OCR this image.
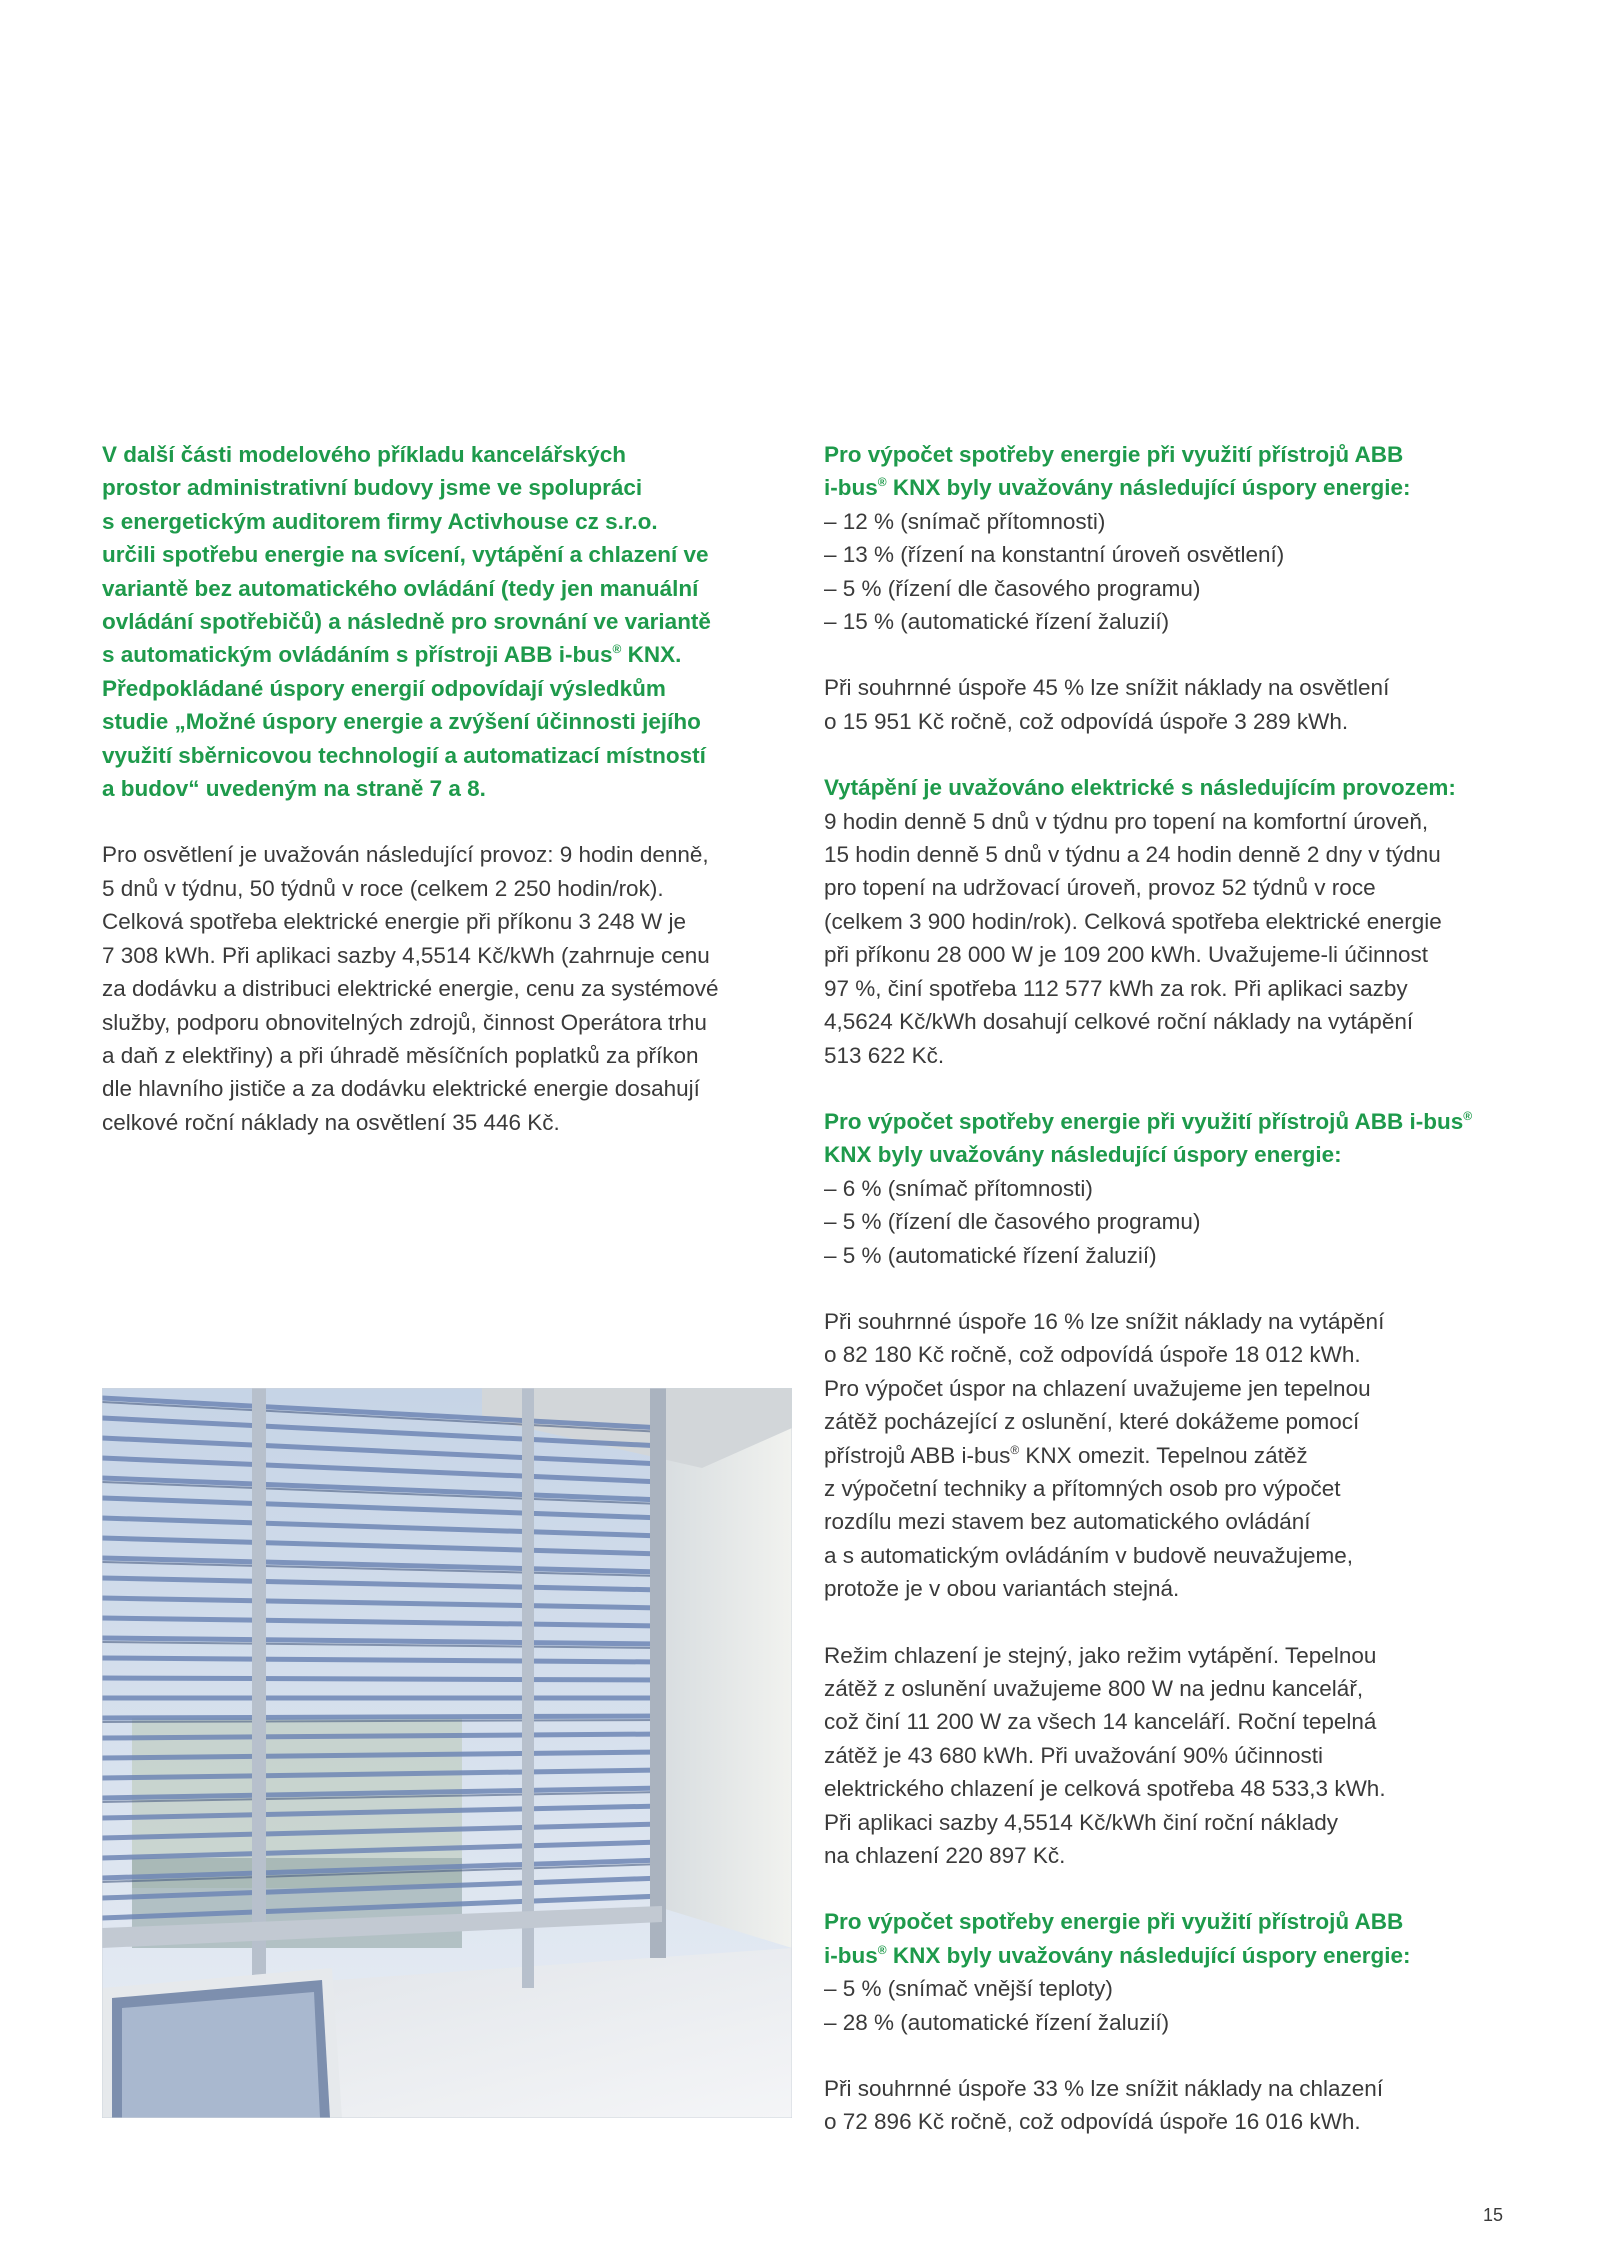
V další části modelového příkladu kancelářských
prostor administrativní budovy jsme ve spolupráci
s energetickým auditorem firmy Activhouse cz s.r.o.
určili spotřebu energie na svícení, vytápění a chlazení ve
variantě bez automatického ovládání (tedy jen manuální
ovládání spotřebičů) a následně pro srovnání ve variantě
s automatickým ovládáním s přístroji ABB i-bus® KNX.
Předpokládané úspory energií odpovídají výsledkům
studie „Možné úspory energie a zvýšení účinnosti jejího
využití sběrnicovou technologií a automatizací místností
a budov“ uvedeným na straně 7 a 8.
Pro osvětlení je uvažován následující provoz: 9 hodin denně,
5 dnů v týdnu, 50 týdnů v roce (celkem 2 250 hodin/rok).
Celková spotřeba elektrické energie při příkonu 3 248 W je
7 308 kWh. Při aplikaci sazby 4,5514 Kč/kWh (zahrnuje cenu
za dodávku a distribuci elektrické energie, cenu za systémové
služby, podporu obnovitelných zdrojů, činnost Operátora trhu
a daň z elektřiny) a při úhradě měsíčních poplatků za příkon
dle hlavního jističe a za dodávku elektrické energie dosahují
celkové roční náklady na osvětlení 35 446 Kč.
Pro výpočet spotřeby energie při využití přístrojů ABB
i-bus® KNX byly uvažovány následující úspory energie:
– 12 % (snímač přítomnosti)
– 13 % (řízení na konstantní úroveň osvětlení)
– 5 % (řízení dle časového programu)
– 15 % (automatické řízení žaluzií)
Při souhrnné úspoře 45 % lze snížit náklady na osvětlení
o 15 951 Kč ročně, což odpovídá úspoře 3 289 kWh.
Vytápění je uvažováno elektrické s následujícím provozem:
9 hodin denně 5 dnů v týdnu pro topení na komfortní úroveň,
15 hodin denně 5 dnů v týdnu a 24 hodin denně 2 dny v týdnu
pro topení na udržovací úroveň, provoz 52 týdnů v roce
(celkem 3 900 hodin/rok). Celková spotřeba elektrické energie
při příkonu 28 000 W je 109 200 kWh. Uvažujeme-li účinnost
97 %, činí spotřeba 112 577 kWh za rok. Při aplikaci sazby
4,5624 Kč/kWh dosahují celkové roční náklady na vytápění
513 622 Kč.
Pro výpočet spotřeby energie při využití přístrojů ABB i-bus®
KNX byly uvažovány následující úspory energie:
– 6 % (snímač přítomnosti)
– 5 % (řízení dle časového programu)
– 5 % (automatické řízení žaluzií)
Při souhrnné úspoře 16 % lze snížit náklady na vytápění
o 82 180 Kč ročně, což odpovídá úspoře 18 012 kWh.
Pro výpočet úspor na chlazení uvažujeme jen tepelnou
zátěž pocházející z oslunění, které dokážeme pomocí
přístrojů ABB i-bus® KNX omezit. Tepelnou zátěž
z výpočetní techniky a přítomných osob pro výpočet
rozdílu mezi stavem bez automatického ovládání
a s automatickým ovládáním v budově neuvažujeme,
protože je v obou variantách stejná.
Režim chlazení je stejný, jako režim vytápění. Tepelnou
zátěž z oslunění uvažujeme 800 W na jednu kancelář,
což činí 11 200 W za všech 14 kanceláří. Roční tepelná
zátěž je 43 680 kWh. Při uvažování 90% účinnosti
elektrického chlazení je celková spotřeba 48 533,3 kWh.
Při aplikaci sazby 4,5514 Kč/kWh činí roční náklady
na chlazení 220 897 Kč.
Pro výpočet spotřeby energie při využití přístrojů ABB
i-bus® KNX byly uvažovány následující úspory energie:
– 5 % (snímač vnější teploty)
– 28 % (automatické řízení žaluzií)
Při souhrnné úspoře 33 % lze snížit náklady na chlazení
o 72 896 Kč ročně, což odpovídá úspoře 16 016 kWh.
15
